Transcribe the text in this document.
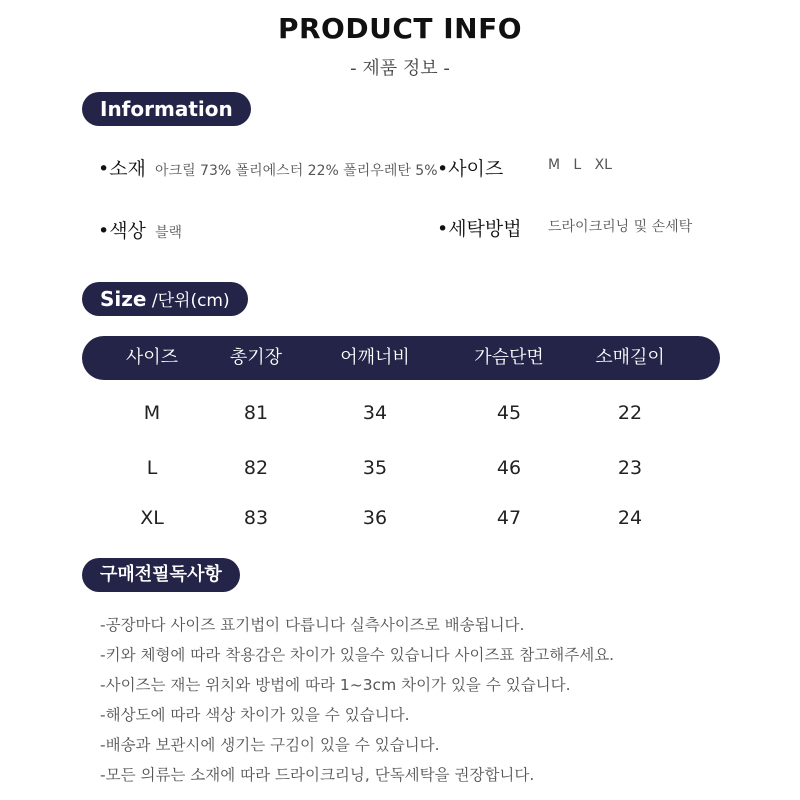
PRODUCT INFO
- 제품 정보 -
Information
•소재 아크릴 73% 폴리에스터 22% 폴리우레탄 5% •사이즈	M   L   XL
•색상 블랙	•세탁방법 드라이크리닝 및 손세탁
Size /단위(cm)
사이즈	총기장	어깨너비	가슴단면	소매길이
M	81	34	45	22
L	82	35	46	23
XL	83	36	47	24
구매전필독사항
-공장마다 사이즈 표기법이 다릅니다 실측사이즈로 배송됩니다.
-키와 체형에 따라 착용감은 차이가 있을수 있습니다 사이즈표 참고해주세요.
-사이즈는 재는 위치와 방법에 따라 1~3cm 차이가 있을 수 있습니다.
-해상도에 따라 색상 차이가 있을 수 있습니다.
-배송과 보관시에 생기는 구김이 있을 수 있습니다.
-모든 의류는 소재에 따라 드라이크리닝, 단독세탁을 권장합니다.
